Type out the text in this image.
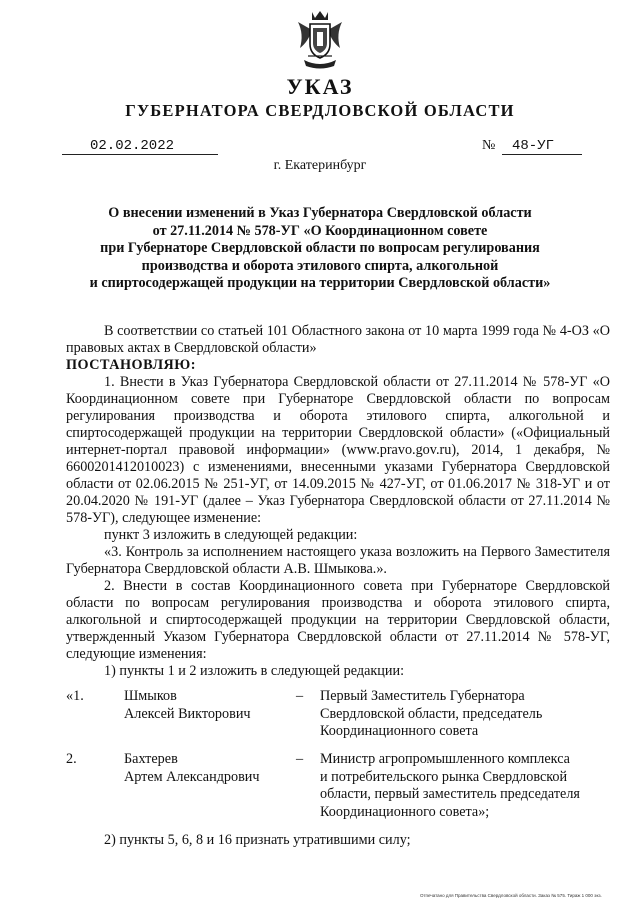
УКАЗ
ГУБЕРНАТОРА СВЕРДЛОВСКОЙ ОБЛАСТИ
02.02.2022	№ 48-УГ
г. Екатеринбург
О внесении изменений в Указ Губернатора Свердловской области
от 27.11.2014 № 578-УГ «О Координационном совете
при Губернаторе Свердловской области по вопросам регулирования
производства и оборота этилового спирта, алкогольной
и спиртосодержащей продукции на территории Свердловской области»

В соответствии со статьей 101 Областного закона от 10 марта 1999 года № 4-ОЗ «О правовых актах в Свердловской области»

ПОСТАНОВЛЯЮ:

1. Внести в Указ Губернатора Свердловской области от 27.11.2014 № 578-УГ «О Координационном совете при Губернаторе Свердловской области по вопросам регулирования производства и оборота этилового спирта, алкогольной и спиртосодержащей продукции на территории Свердловской области» («Официальный интернет-портал правовой информации» (www.pravo.gov.ru), 2014, 1 декабря, № 6600201412010023) с изменениями, внесенными указами Губернатора Свердловской области от 02.06.2015 № 251-УГ, от 14.09.2015 № 427-УГ, от 01.06.2017 № 318-УГ и от 20.04.2020 № 191-УГ (далее – Указ Губернатора Свердловской области от 27.11.2014 № 578-УГ), следующее изменение:

пункт 3 изложить в следующей редакции:

«3. Контроль за исполнением настоящего указа возложить на Первого Заместителя Губернатора Свердловской области А.В. Шмыкова.».

2. Внести в состав Координационного совета при Губернаторе Свердловской области по вопросам регулирования производства и оборота этилового спирта, алкогольной и спиртосодержащей продукции на территории Свердловской области, утвержденный Указом Губернатора Свердловской области от 27.11.2014 № 578-УГ, следующие изменения:

1) пункты 1 и 2 изложить в следующей редакции:

«1.	Шмыков
Алексей Викторович
– Первый Заместитель Губернатора
Свердловской области, председатель
Координационного совета
2.	Бахтерев
Артем Александрович
– Министр агропромышленного комплекса
и потребительского рынка Свердловской
области, первый заместитель председателя
Координационного совета»;
2) пункты 5, 6, 8 и 16 признать утратившими силу;
Отпечатано для Правительства Свердловской области. Заказ № 575. Тираж 1 000 экз.
